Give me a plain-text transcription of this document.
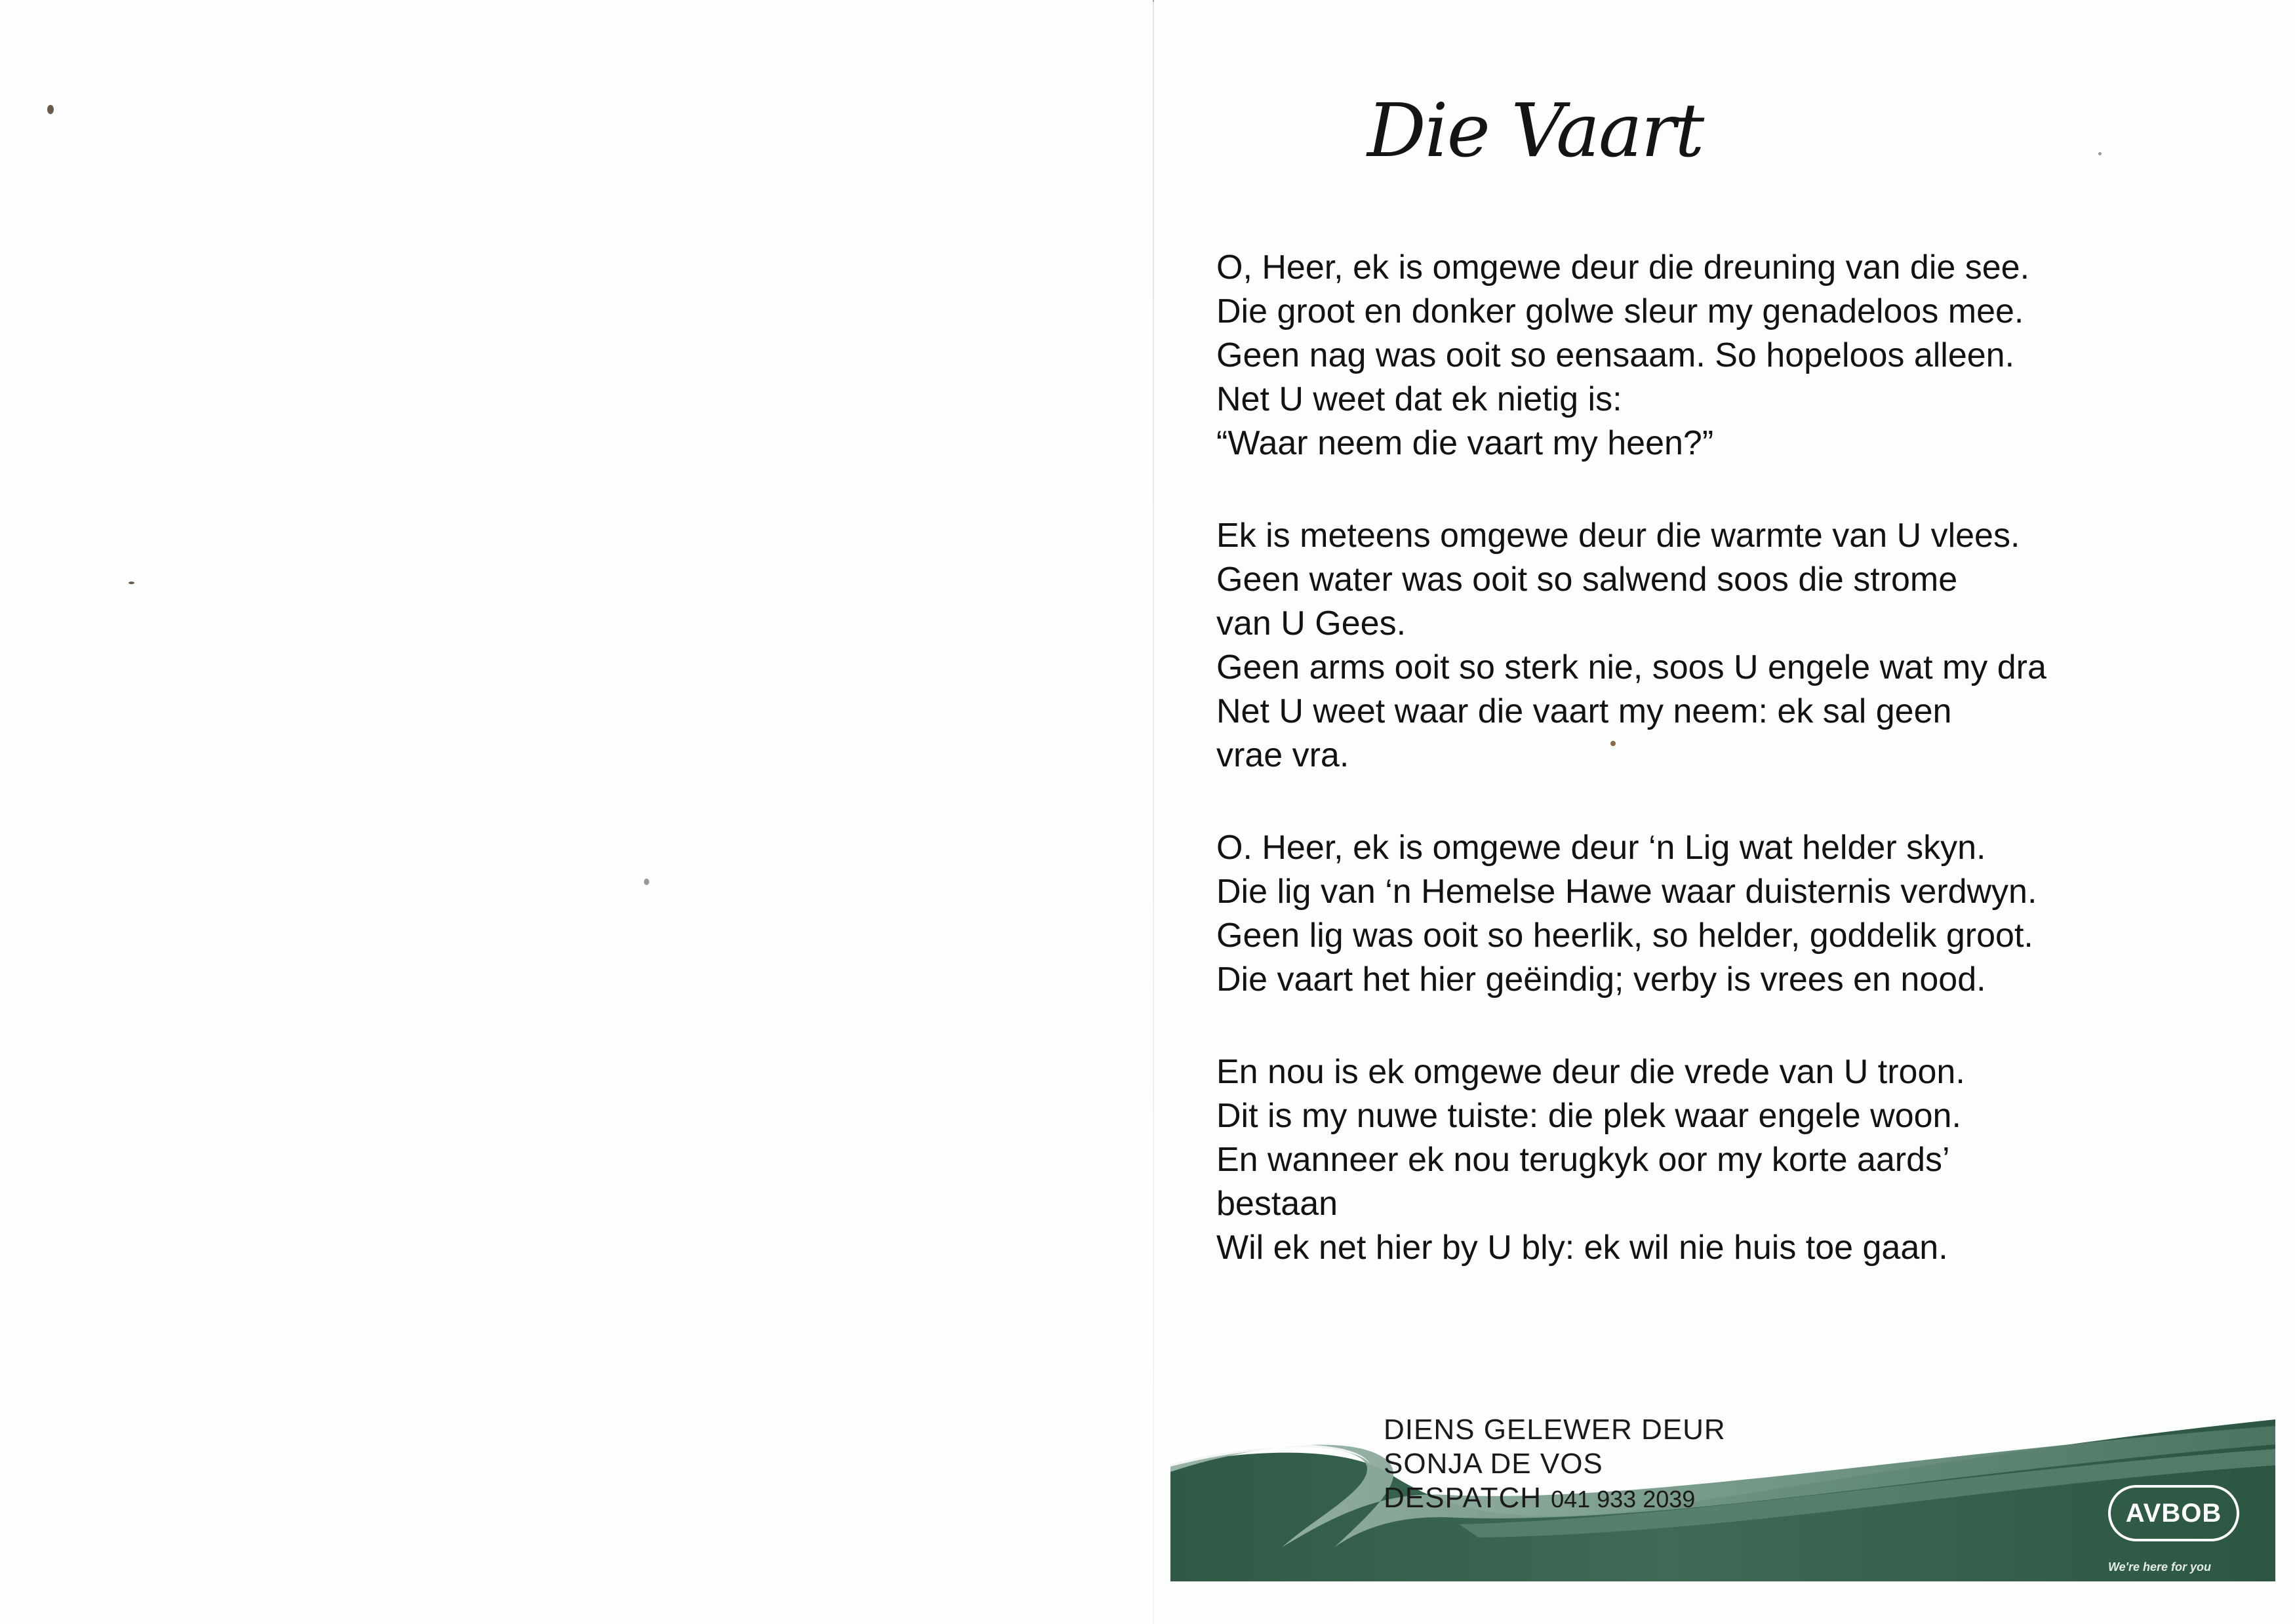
Die Vaart
O, Heer, ek is omgewe deur die dreuning van die see.
Die groot en donker golwe sleur my genadeloos mee.
Geen nag was ooit so eensaam. So hopeloos alleen.
Net U weet dat ek nietig is:
“Waar neem die vaart my heen?”
Ek is meteens omgewe deur die warmte van U vlees.
Geen water was ooit so salwend soos die strome
van U Gees.
Geen arms ooit so sterk nie, soos U engele wat my dra
Net U weet waar die vaart my neem: ek sal geen
vrae vra.
O. Heer, ek is omgewe deur ‘n Lig wat helder skyn.
Die lig van ‘n Hemelse Hawe waar duisternis verdwyn.
Geen lig was ooit so heerlik, so helder, goddelik groot.
Die vaart het hier geëindig; verby is vrees en nood.
En nou is ek omgewe deur die vrede van U troon.
Dit is my nuwe tuiste: die plek waar engele woon.
En wanneer ek nou terugkyk oor my korte aards’
bestaan
Wil ek net hier by U bly: ek wil nie huis toe gaan.
DIENS GELEWER DEUR
SONJA DE VOS
DESPATCH 041 933 2039	AVBOB
We're here for you
